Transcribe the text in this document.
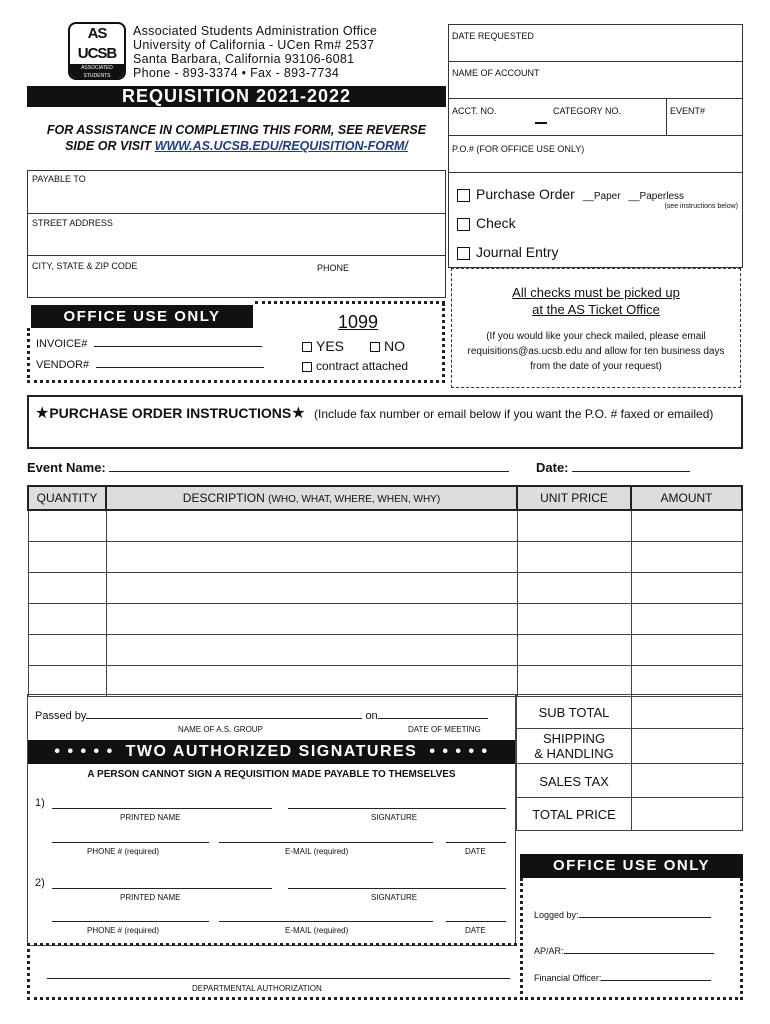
AS UCSB
ASSOCIATED STUDENTS
Associated Students Administration Office
University of California - UCen Rm# 2537
Santa Barbara, California 93106-6081
Phone - 893-3374 • Fax - 893-7734
REQUISITION 2021-2022
FOR ASSISTANCE IN COMPLETING THIS FORM, SEE REVERSE
SIDE OR VISIT WWW.AS.UCSB.EDU/REQUISITION-FORM/
DATE REQUESTED
NAME OF ACCOUNT
ACCT. NO.	CATEGORY NO.	EVENT#
P.O.# (FOR OFFICE USE ONLY)
PAYABLE TO
STREET ADDRESS
CITY, STATE & ZIP CODE	PHONE
Purchase Order __Paper __Paperless
(see instructions below)
Check
Journal Entry
All checks must be picked up
at the AS Ticket Office
(If you would like your check mailed, please email requisitions@as.ucsb.edu and allow for ten business days from the date of your request)
OFFICE USE ONLY
INVOICE#
VENDOR#
1099
YES	NO
contract attached
★PURCHASE ORDER INSTRUCTIONS★ (Include fax number or email below if you want the P.O. # faxed or emailed)
Event Name:	Date:
QUANTITY	DESCRIPTION (WHO, WHAT, WHERE, WHEN, WHY)	UNIT PRICE	AMOUNT

SUB TOTAL
SHIPPING
& HANDLING
SALES TAX
TOTAL PRICE
Passed by	on
NAME OF A.S. GROUP	DATE OF MEETING
• • • • • TWO AUTHORIZED SIGNATURES • • • • •
A PERSON CANNOT SIGN A REQUISITION MADE PAYABLE TO THEMSELVES
1)
PRINTED NAME	SIGNATURE
PHONE # (required)	E-MAIL (required)	DATE
2)
PRINTED NAME	SIGNATURE
PHONE # (required)	E-MAIL (required)	DATE
DEPARTMENTAL AUTHORIZATION
OFFICE USE ONLY
Logged by:
AP/AR:
Financial Officer:
